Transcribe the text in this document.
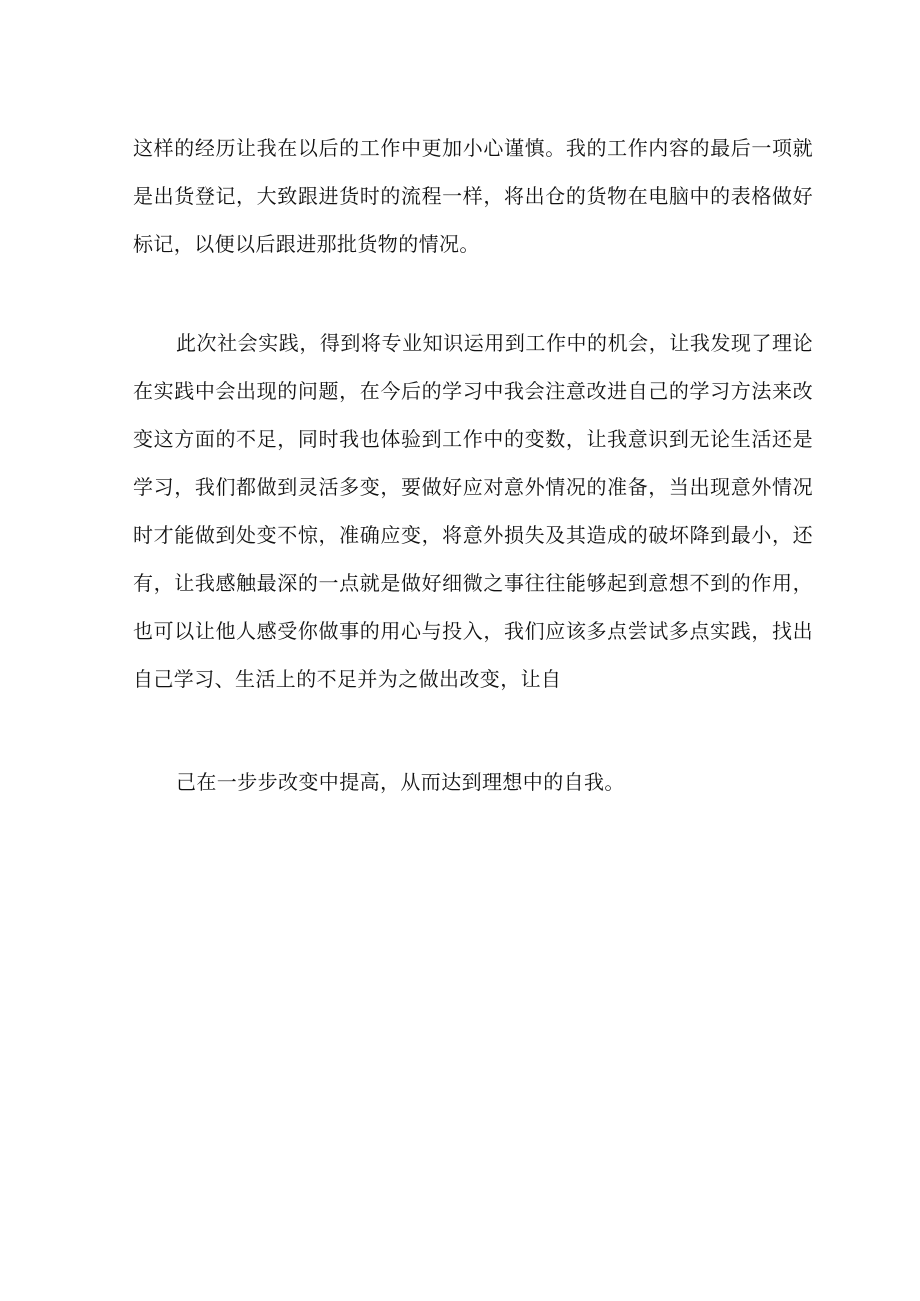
这样的经历让我在以后的工作中更加小心谨慎。我的工作内容的最后一项就是出货登记，大致跟进货时的流程一样，将出仓的货物在电脑中的表格做好标记，以便以后跟进那批货物的情况。

此次社会实践，得到将专业知识运用到工作中的机会，让我发现了理论在实践中会出现的问题，在今后的学习中我会注意改进自己的学习方法来改变这方面的不足，同时我也体验到工作中的变数，让我意识到无论生活还是学习，我们都做到灵活多变，要做好应对意外情况的准备，当出现意外情况时才能做到处变不惊，准确应变，将意外损失及其造成的破坏降到最小，还有，让我感触最深的一点就是做好细微之事往往能够起到意想不到的作用，也可以让他人感受你做事的用心与投入，我们应该多点尝试多点实践，找出自己学习、生活上的不足并为之做出改变，让自

己在一步步改变中提高，从而达到理想中的自我。
